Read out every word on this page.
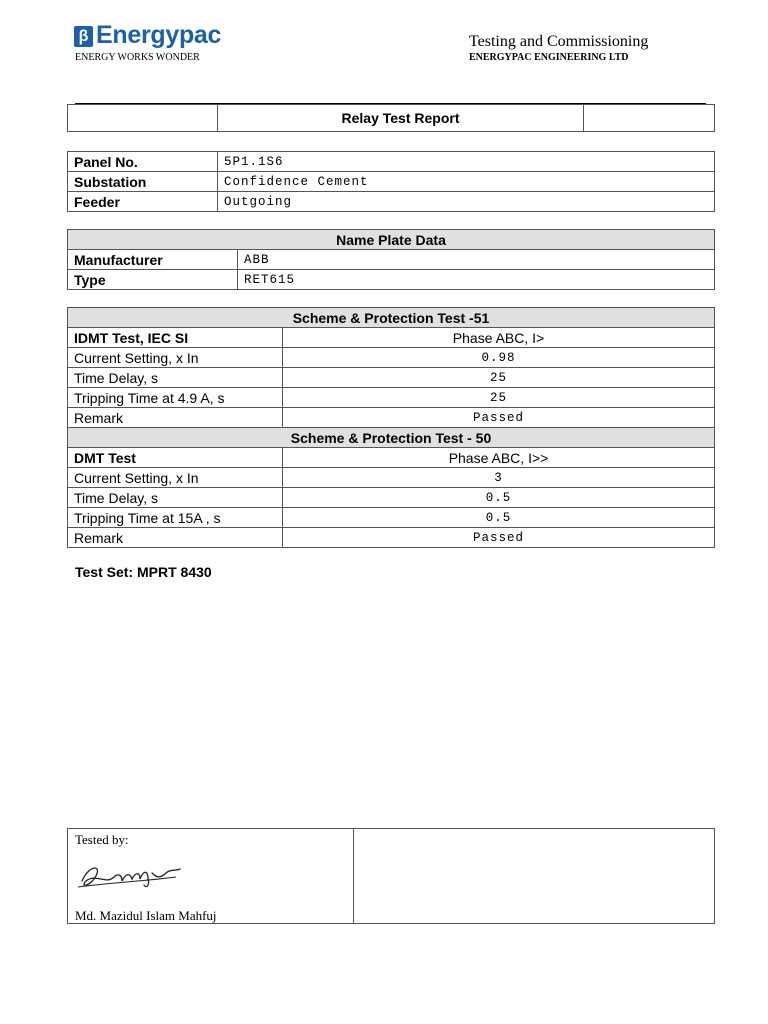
β Energypac
ENERGY WORKS WONDER
Testing and Commissioning
ENERGYPAC ENGINEERING LTD
	Relay Test Report	
Panel No.	5P1.1S6
Substation	Confidence Cement
Feeder	Outgoing
Name Plate Data	
Manufacturer	ABB
Type	RET615
Scheme & Protection Test -51	
IDMT Test, IEC SI	Phase ABC, I>
Current Setting, x In	0.98
Time Delay, s	25
Tripping Time at 4.9 A, s	25
Remark	Passed
Scheme & Protection Test - 50	
DMT Test	Phase ABC, I>>
Current Setting, x In	3
Time Delay, s	0.5
Tripping Time at 15A , s	0.5
Remark	Passed
Test Set: MPRT 8430
Tested by:
Md. Mazidul Islam Mahfuj
